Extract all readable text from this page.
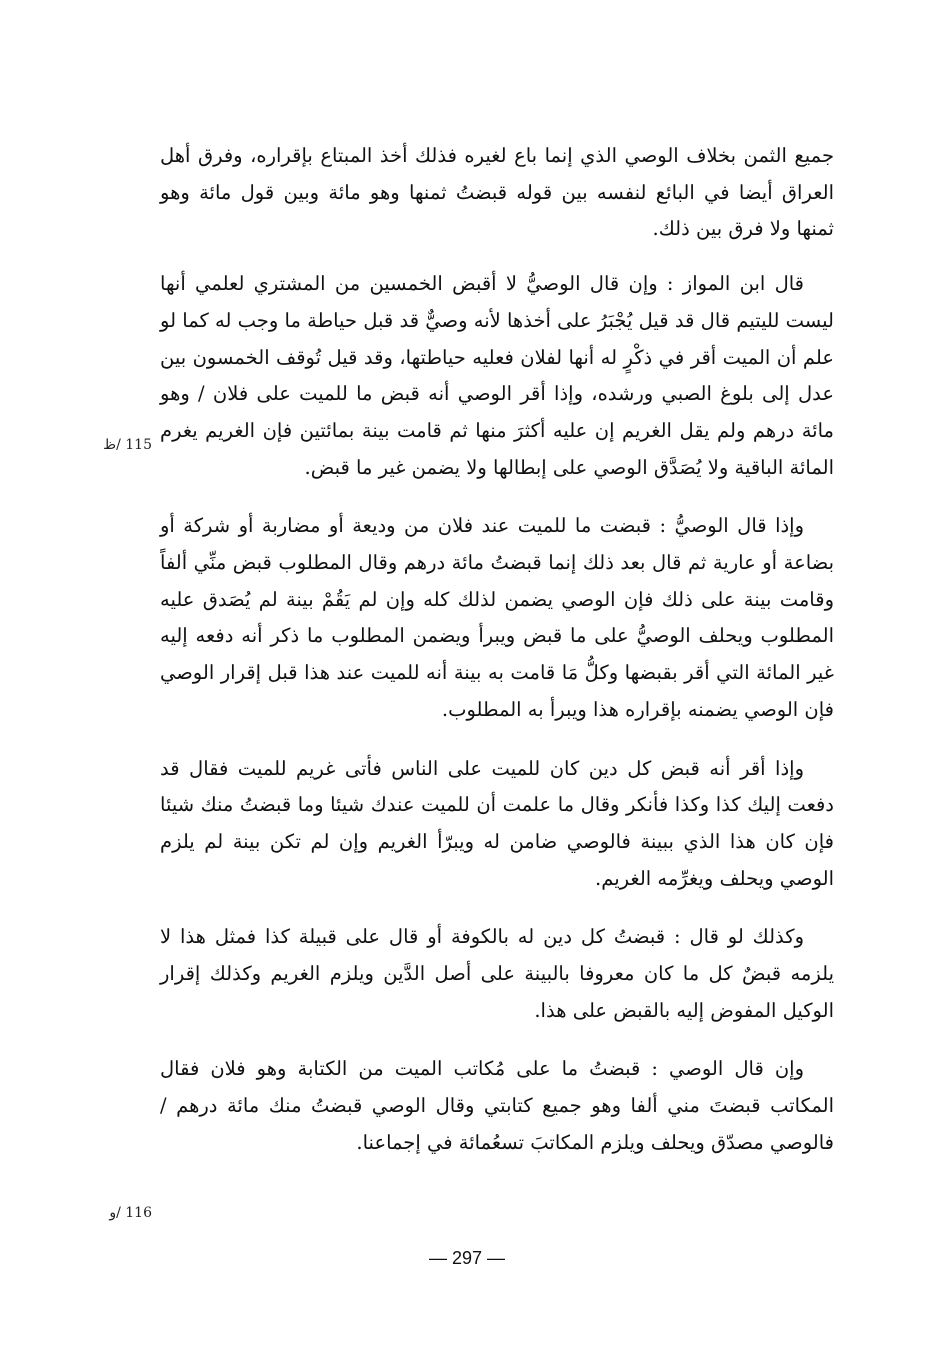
جميع الثمن بخلاف الوصي الذي إنما باع لغيره فذلك أخذ المبتاع بإقراره، وفرق أهل العراق أيضا في البائع لنفسه بين قوله قبضتُ ثمنها وهو مائة وبين قول مائة وهو ثمنها ولا فرق بين ذلك.

قال ابن المواز : وإن قال الوصيُّ لا أقبض الخمسين من المشتري لعلمي أنها ليست لليتيم قال قد قيل يُجْبَرُ على أخذها لأنه وصيٌّ قد قبل حياطة ما وجب له كما لو علم أن الميت أقر في ذكْرٍ له أنها لفلان فعليه حياطتها، وقد قيل تُوقف الخمسون بين عدل إلى بلوغ الصبي ورشده، وإذا أقر الوصي أنه قبض ما للميت على فلان / وهو مائة درهم ولم يقل الغريم إن عليه أكثرَ منها ثم قامت بينة بمائتين فإن الغريم يغرم المائة الباقية ولا يُصَدَّق الوصي على إبطالها ولا يضمن غير ما قبض.

وإذا قال الوصيُّ : قبضت ما للميت عند فلان من وديعة أو مضاربة أو شركة أو بضاعة أو عارية ثم قال بعد ذلك إنما قبضتُ مائة درهم وقال المطلوب قبض منِّي ألفاً وقامت بينة على ذلك فإن الوصي يضمن لذلك كله وإن لم يَقُمْ بينة لم يُصَدق عليه المطلوب ويحلف الوصيُّ على ما قبض ويبرأ ويضمن المطلوب ما ذكر أنه دفعه إليه غير المائة التي أقر بقبضها وكلُّ مَا قامت به بينة أنه للميت عند هذا قبل إقرار الوصي فإن الوصي يضمنه بإقراره هذا ويبرأ به المطلوب.

وإذا أقر أنه قبض كل دين كان للميت على الناس فأتى غريم للميت فقال قد دفعت إليك كذا وكذا فأنكر وقال ما علمت أن للميت عندك شيئا وما قبضتُ منك شيئا فإن كان هذا الذي ببينة فالوصي ضامن له ويبرّأ الغريم وإن لم تكن بينة لم يلزم الوصي ويحلف ويغرِّمه الغريم.

وكذلك لو قال : قبضتُ كل دين له بالكوفة أو قال على قبيلة كذا فمثل هذا لا يلزمه قبضٌ كل ما كان معروفا بالبينة على أصل الدَّين ويلزم الغريم وكذلك إقرار الوكيل المفوض إليه بالقبض على هذا.

وإن قال الوصي : قبضتُ ما على مُكاتب الميت من الكتابة وهو فلان فقال المكاتب قبضتَ مني ألفا وهو جميع كتابتي وقال الوصي قبضتُ منك مائة درهم / فالوصي مصدّق ويحلف ويلزم المكاتبَ تسعُمائة في إجماعنا.

115 /ظ
116 /و
— 297 —
